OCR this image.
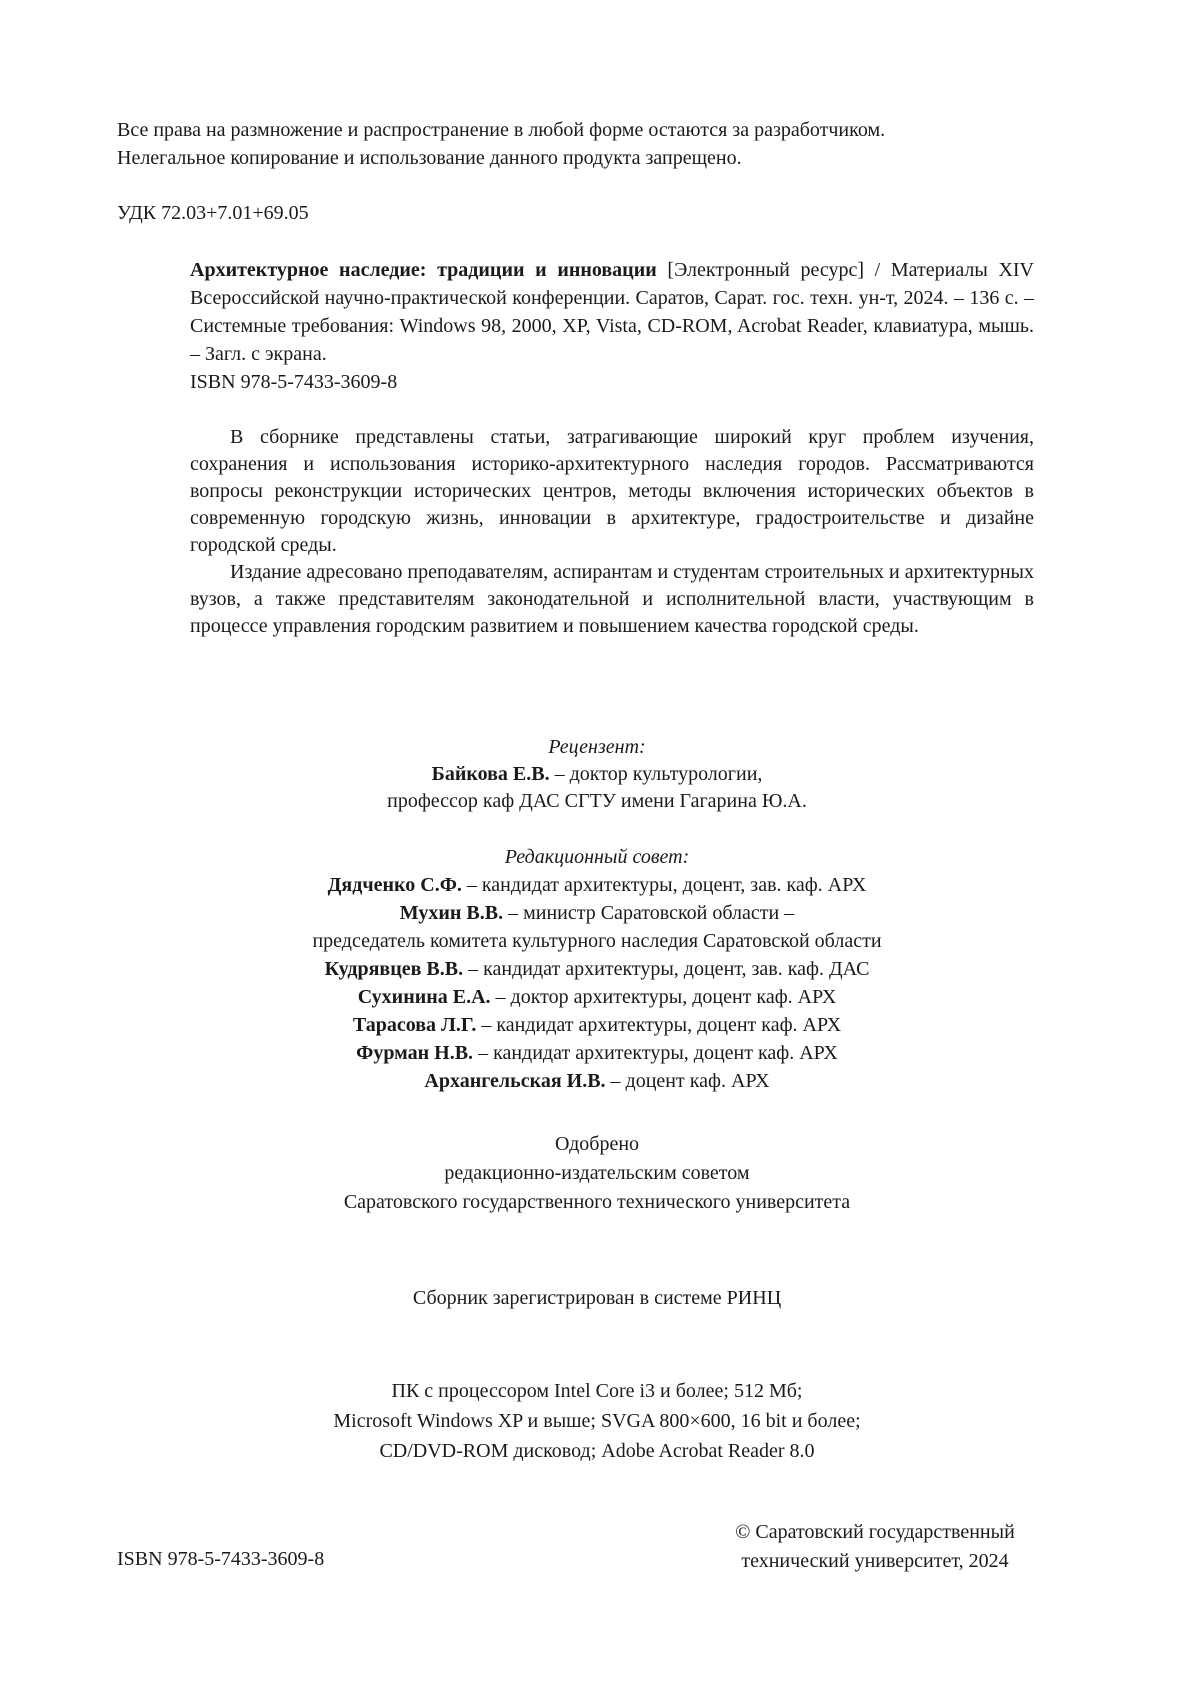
Все права на размножение и распространение в любой форме остаются за разработчиком.
Нелегальное копирование и использование данного продукта запрещено.
УДК 72.03+7.01+69.05
Архитектурное наследие: традиции и инновации [Электронный ресурс] / Материалы XIV Всероссийской научно-практической конференции. Саратов, Сарат. гос. техн. ун-т, 2024. – 136 с. – Системные требования: Windows 98, 2000, XP, Vista, CD-ROM, Acrobat Reader, клавиатура, мышь. – Загл. с экрана.
ISBN 978-5-7433-3609-8

В сборнике представлены статьи, затрагивающие широкий круг проблем изучения, сохранения и использования историко-архитектурного наследия городов. Рассматриваются вопросы реконструкции исторических центров, методы включения исторических объектов в современную городскую жизнь, инновации в архитектуре, градостроительстве и дизайне городской среды.

Издание адресовано преподавателям, аспирантам и студентам строительных и архитектурных вузов, а также представителям законодательной и исполнительной власти, участвующим в процессе управления городским развитием и повышением качества городской среды.

Рецензент:
Байкова Е.В. – доктор культурологии,
профессор каф ДАС СГТУ имени Гагарина Ю.А.
Редакционный совет:
Дядченко С.Ф. – кандидат архитектуры, доцент, зав. каф. АРХ
Мухин В.В. – министр Саратовской области –
председатель комитета культурного наследия Саратовской области
Кудрявцев В.В. – кандидат архитектуры, доцент, зав. каф. ДАС
Сухинина Е.А. – доктор архитектуры, доцент каф. АРХ
Тарасова Л.Г. – кандидат архитектуры, доцент каф. АРХ
Фурман Н.В. – кандидат архитектуры, доцент каф. АРХ
Архангельская И.В. – доцент каф. АРХ
Одобрено
редакционно-издательским советом
Саратовского государственного технического университета
Сборник зарегистрирован в системе РИНЦ
ПК с процессором Intel Core i3 и более; 512 Мб;
Microsoft Windows XP и выше; SVGA 800×600, 16 bit и более;
CD/DVD-ROM дисковод; Adobe Acrobat Reader 8.0
ISBN 978-5-7433-3609-8
© Саратовский государственный
технический университет, 2024
